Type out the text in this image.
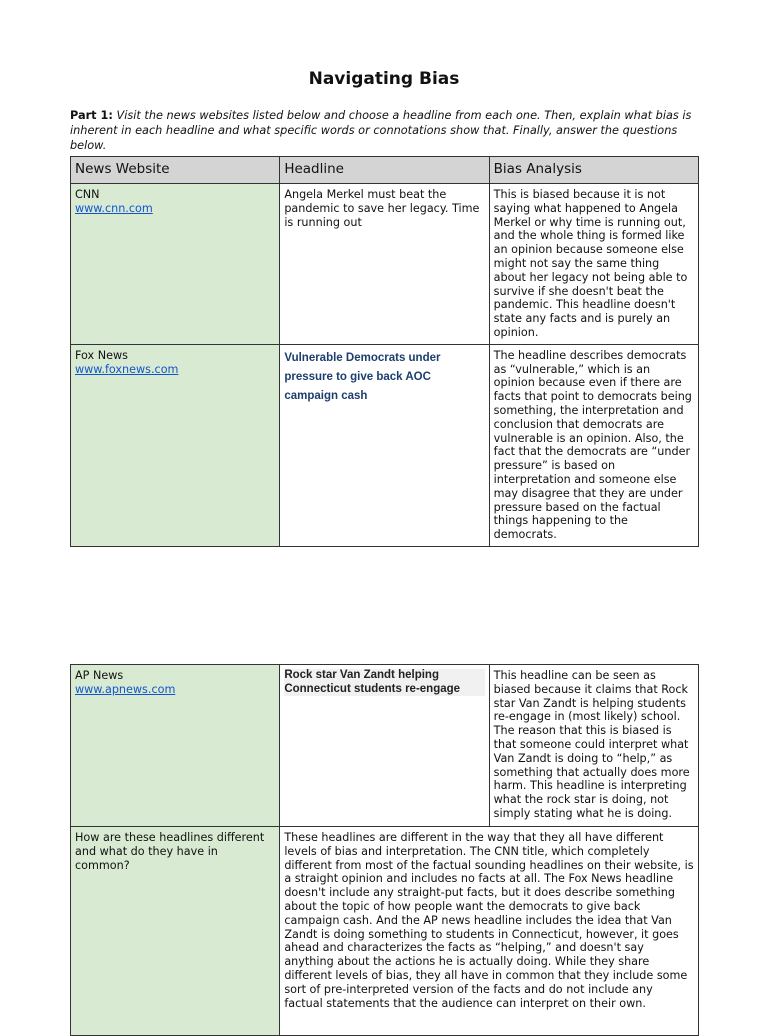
Navigating Bias
Part 1: Visit the news websites listed below and choose a headline from each one. Then, explain what bias is inherent in each headline and what specific words or connotations show that. Finally, answer the questions below.
News Website	Headline	Bias Analysis

CNN
www.cnn.com	Angela Merkel must beat the pandemic to save her legacy. Time is running out	This is biased because it is not saying what happened to Angela Merkel or why time is running out, and the whole thing is formed like an opinion because someone else might not say the same thing about her legacy not being able to survive if she doesn't beat the pandemic. This headline doesn't state any facts and is purely an opinion.

Fox News
www.foxnews.com	Vulnerable Democrats under pressure to give back AOC campaign cash	The headline describes democrats as “vulnerable,” which is an opinion because even if there are facts that point to democrats being something, the interpretation and conclusion that democrats are vulnerable is an opinion. Also, the fact that the democrats are “under pressure” is based on interpretation and someone else may disagree that they are under pressure based on the factual things happening to the democrats.
AP News
www.apnews.com	Rock star Van Zandt helping Connecticut students re-engage	This headline can be seen as biased because it claims that Rock star Van Zandt is helping students re-engage in (most likely) school. The reason that this is biased is that someone could interpret what Van Zandt is doing to “help,” as something that actually does more harm. This headline is interpreting what the rock star is doing, not simply stating what he is doing.
How are these headlines different and what do they have in common?	These headlines are different in the way that they all have different levels of bias and interpretation. The CNN title, which completely different from most of the factual sounding headlines on their website, is a straight opinion and includes no facts at all. The Fox News headline doesn't include any straight-put facts, but it does describe something about the topic of how people want the democrats to give back campaign cash. And the AP news headline includes the idea that Van Zandt is doing something to students in Connecticut, however, it goes ahead and characterizes the facts as “helping,” and doesn't say anything about the actions he is actually doing. While they share different levels of bias, they all have in common that they include some sort of pre-interpreted version of the facts and do not include any factual statements that the audience can interpret on their own.	
